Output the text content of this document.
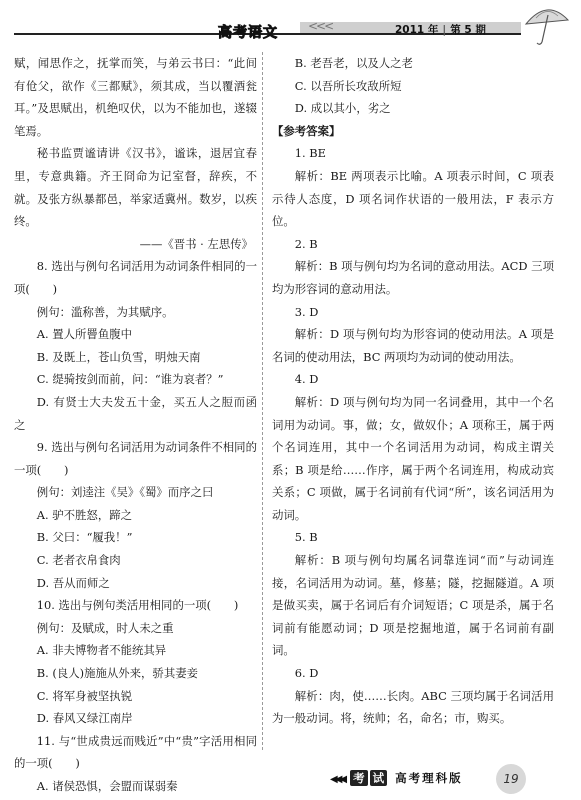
高考语文	<<<	2011 年 | 第 5 期

赋，闻思作之，抚掌而笑，与弟云书曰：“此间有伧父，欲作《三都赋》，须其成，当以覆酒瓮耳。”及思赋出，机绝叹伏，以为不能加也，遂辍笔焉。

秘书监贾谧请讲《汉书》，谧诛，退居宜春里，专意典籍。齐王冏命为记室督，辞疾，不就。及张方纵暴都邑，举家适冀州。数岁，以疾终。

——《晋书 · 左思传》

8. 选出与例句名词活用为动词条件相同的一项(　　)

例句：滥称善，为其赋序。

A. 置人所罾鱼腹中

B. 及既上，苍山负雪，明烛天南

C. 缇骑按剑而前，问：“谁为哀者？”

D. 有贤士大夫发五十金，买五人之脰而函之

9. 选出与例句名词活用为动词条件不相同的一项(　　)

例句：刘逵注《吴》《蜀》而序之曰

A. 驴不胜怒，蹄之

B. 父曰：“履我！”

C. 老者衣帛食肉

D. 吾从而师之

10. 选出与例句类活用相同的一项(　　)

例句：及赋成，时人未之重

A. 非夫博物者不能统其异

B. (良人)施施从外来，骄其妻妾

C. 将军身被坚执锐

D. 春风又绿江南岸

11. 与“世成贵远而贱近”中“贵”字活用相同的一项(　　)

A. 诸侯恐惧，会盟而谋弱秦

B. 老吾老，以及人之老

C. 以吾所长攻敌所短

D. 成以其小，劣之

【参考答案】

1. BE

解析：BE 两项表示比喻。A 项表示时间，C 项表示待人态度，D 项名词作状语的一般用法，F 表示方位。

2. B

解析：B 项与例句均为名词的意动用法。ACD 三项均为形容词的意动用法。

3. D

解析：D 项与例句均为形容词的使动用法。A 项是名词的使动用法，BC 两项均为动词的使动用法。

4. D

解析：D 项与例句均为同一名词叠用，其中一个名词用为动词。事，做；女，做奴仆；A 项称王，属于两个名词连用，其中一个名词活用为动词，构成主谓关系；B 项是给……作序，属于两个名词连用，构成动宾关系；C 项做，属于名词前有代词“所”，该名词活用为动词。

5. B

解析：B 项与例句均属名词靠连词“而”与动词连接，名词活用为动词。墓，修墓；隧，挖掘隧道。A 项是做买卖，属于名词后有介词短语；C 项是杀，属于名词前有能愿动词；D 项是挖掘地道，属于名词前有副词。

6. D

解析：肉，使……长肉。ABC 三项均属于名词活用为一般动词。将，统帅；名，命名；市，购买。

◀◀◀ 考 试 高考理科版	19
